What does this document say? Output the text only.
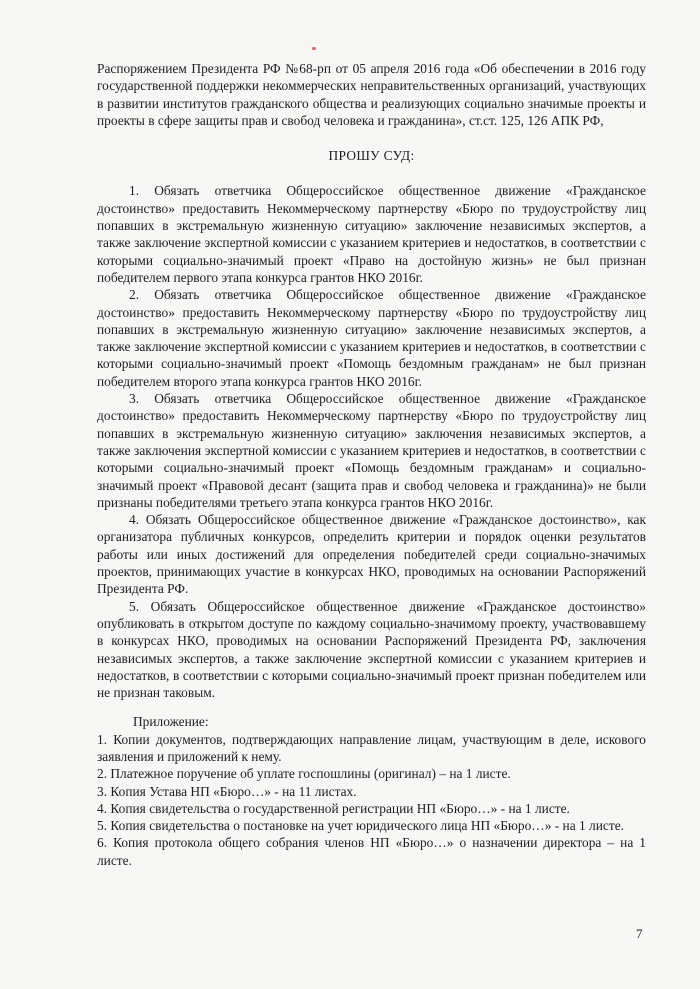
Распоряжением Президента РФ №68-рп от 05 апреля 2016 года «Об обеспечении в 2016 году государственной поддержки некоммерческих неправительственных организаций, участвующих в развитии институтов гражданского общества и реализующих социально значимые проекты и проекты в сфере защиты прав и свобод человека и гражданина», ст.ст. 125, 126 АПК РФ,

ПРОШУ СУД:

1. Обязать ответчика Общероссийское общественное движение «Гражданское достоинство» предоставить Некоммерческому партнерству «Бюро по трудоустройству лиц попавших в экстремальную жизненную ситуацию» заключение независимых экспертов, а также заключение экспертной комиссии с указанием критериев и недостатков, в соответствии с которыми социально-значимый проект «Право на достойную жизнь» не был признан победителем первого этапа конкурса грантов НКО 2016г.

2. Обязать ответчика Общероссийское общественное движение «Гражданское достоинство» предоставить Некоммерческому партнерству «Бюро по трудоустройству лиц попавших в экстремальную жизненную ситуацию» заключение независимых экспертов, а также заключение экспертной комиссии с указанием критериев и недостатков, в соответствии с которыми социально-значимый проект «Помощь бездомным гражданам» не был признан победителем второго этапа конкурса грантов НКО 2016г.

3. Обязать ответчика Общероссийское общественное движение «Гражданское достоинство» предоставить Некоммерческому партнерству «Бюро по трудоустройству лиц попавших в экстремальную жизненную ситуацию» заключения независимых экспертов, а также заключения экспертной комиссии с указанием критериев и недостатков, в соответствии с которыми социально-значимый проект «Помощь бездомным гражданам» и социально-значимый проект «Правовой десант (защита прав и свобод человека и гражданина)» не были признаны победителями третьего этапа конкурса грантов НКО 2016г.

4. Обязать Общероссийское общественное движение «Гражданское достоинство», как организатора публичных конкурсов, определить критерии и порядок оценки результатов работы или иных достижений для определения победителей среди социально-значимых проектов, принимающих участие в конкурсах НКО, проводимых на основании Распоряжений Президента РФ.

5. Обязать Общероссийское общественное движение «Гражданское достоинство» опубликовать в открытом доступе по каждому социально-значимому проекту, участвовавшему в конкурсах НКО, проводимых на основании Распоряжений Президента РФ, заключения независимых экспертов, а также заключение экспертной комиссии с указанием критериев и недостатков, в соответствии с которыми социально-значимый проект признан победителем или не признан таковым.

Приложение:

1. Копии документов, подтверждающих направление лицам, участвующим в деле, искового заявления и приложений к нему.

2. Платежное поручение об уплате госпошлины (оригинал) – на 1 листе.

3. Копия Устава НП «Бюро…» - на 11 листах.

4. Копия свидетельства о государственной регистрации НП «Бюро…» - на 1 листе.

5. Копия свидетельства о постановке на учет юридического лица НП «Бюро…» - на 1 листе.

6. Копия протокола общего собрания членов НП «Бюро…» о назначении директора – на 1 листе.

7
